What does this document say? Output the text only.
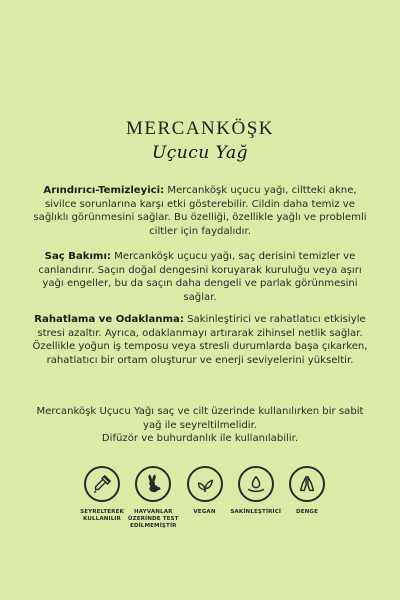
MERCANKÖŞK
Uçucu Yağ
Arındırıcı-Temizleyici: Mercanköşk uçucu yağı, ciltteki akne, sivilce sorunlarına karşı etki gösterebilir. Cildin daha temiz ve sağlıklı görünmesini sağlar. Bu özelliği, özellikle yağlı ve problemli ciltler için faydalıdır.
Saç Bakımı: Mercanköşk uçucu yağı, saç derisini temizler ve canlandırır. Saçın doğal dengesini koruyarak kuruluğu veya aşırı yağı engeller, bu da saçın daha dengeli ve parlak görünmesini sağlar.
Rahatlama ve Odaklanma: Sakinleştirici ve rahatlatıcı etkisiyle stresi azaltır. Ayrıca, odaklanmayı artırarak zihinsel netlik sağlar. Özellikle yoğun iş temposu veya stresli durumlarda başa çıkarken, rahatlatıcı bir ortam oluşturur ve enerji seviyelerini yükseltir.
Mercanköşk Uçucu Yağı saç ve cilt üzerinde kullanılırken bir sabit yağ ile seyreltilmelidir.
Difüzör ve buhurdanlık ile kullanılabilir.
SEYRELTEREK KULLANILIR
HAYVANLAR ÜZERİNDE TEST EDİLMEMİŞTİR
VEGAN	SAKİNLEŞTİRİCİ	DENGE
